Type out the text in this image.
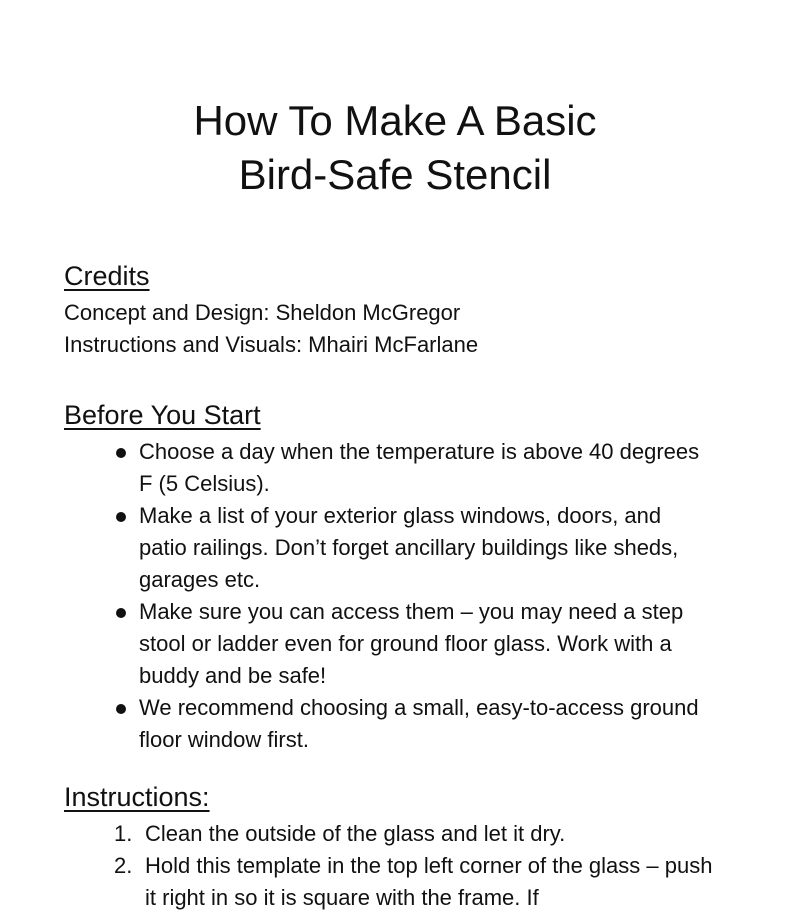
How To Make A Basic
Bird-Safe Stencil
Credits

Concept and Design: Sheldon McGregor

Instructions and Visuals: Mhairi McFarlane

Before You Start
Choose a day when the temperature is above 40 degrees F (5 Celsius).
Make a list of your exterior glass windows, doors, and patio railings. Don’t forget ancillary buildings like sheds, garages etc.
Make sure you can access them – you may need a step stool or ladder even for ground floor glass. Work with a buddy and be safe!
We recommend choosing a small, easy-to-access ground floor window first.
Instructions:
1. Clean the outside of the glass and let it dry.
2. Hold this template in the top left corner of the glass – push it right in so it is square with the frame. If
